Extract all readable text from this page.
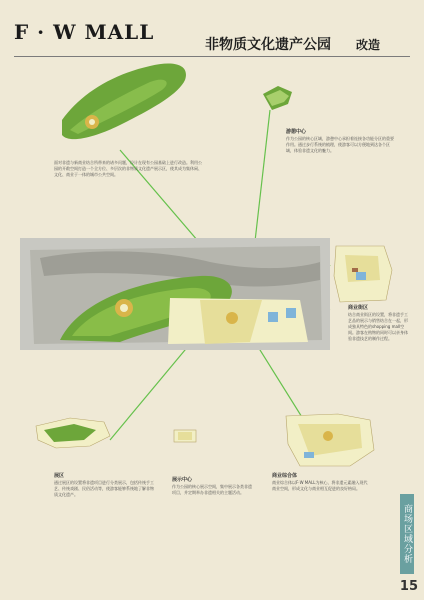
F · W MALL
非物质文化遗产公园 改造
面对非遗与新商业结合所带来的诸多问题，设计在现有公园基础上进行改造。利用公园的开敞空间打造一个全方位、多层次的非物质文化遗产展示区，使其成为集休闲、文化、商业于一体的城市公共空间。
游憩中心
作为公园的核心区域，游憩中心承担着连接各功能分区的重要作用。通过步行系统的梳理，使游客可以方便地到达各个区域，体验非遗文化的魅力。
商业街区
结合商业街区的设置，将非遗手工艺品的展示与销售结合在一起，形成独具特色的shopping mall空间。游客在购物的同时可以亲身体验非遗技艺的制作过程。
展区
通过展区的设置将非遗项目进行分类展示，包括传统手工艺、传统戏剧、民俗活动等，使游客能够系统地了解非物质文化遗产。
展示中心
作为公园的核心展示空间，集中展示各类非遗项目，并定期举办非遗相关的主题活动。
商业综合体
商业综合体以F·W MALL为核心，将非遗元素融入现代商业空间，形成文化与商业相互促进的良好格局。
商场区域分析
15
